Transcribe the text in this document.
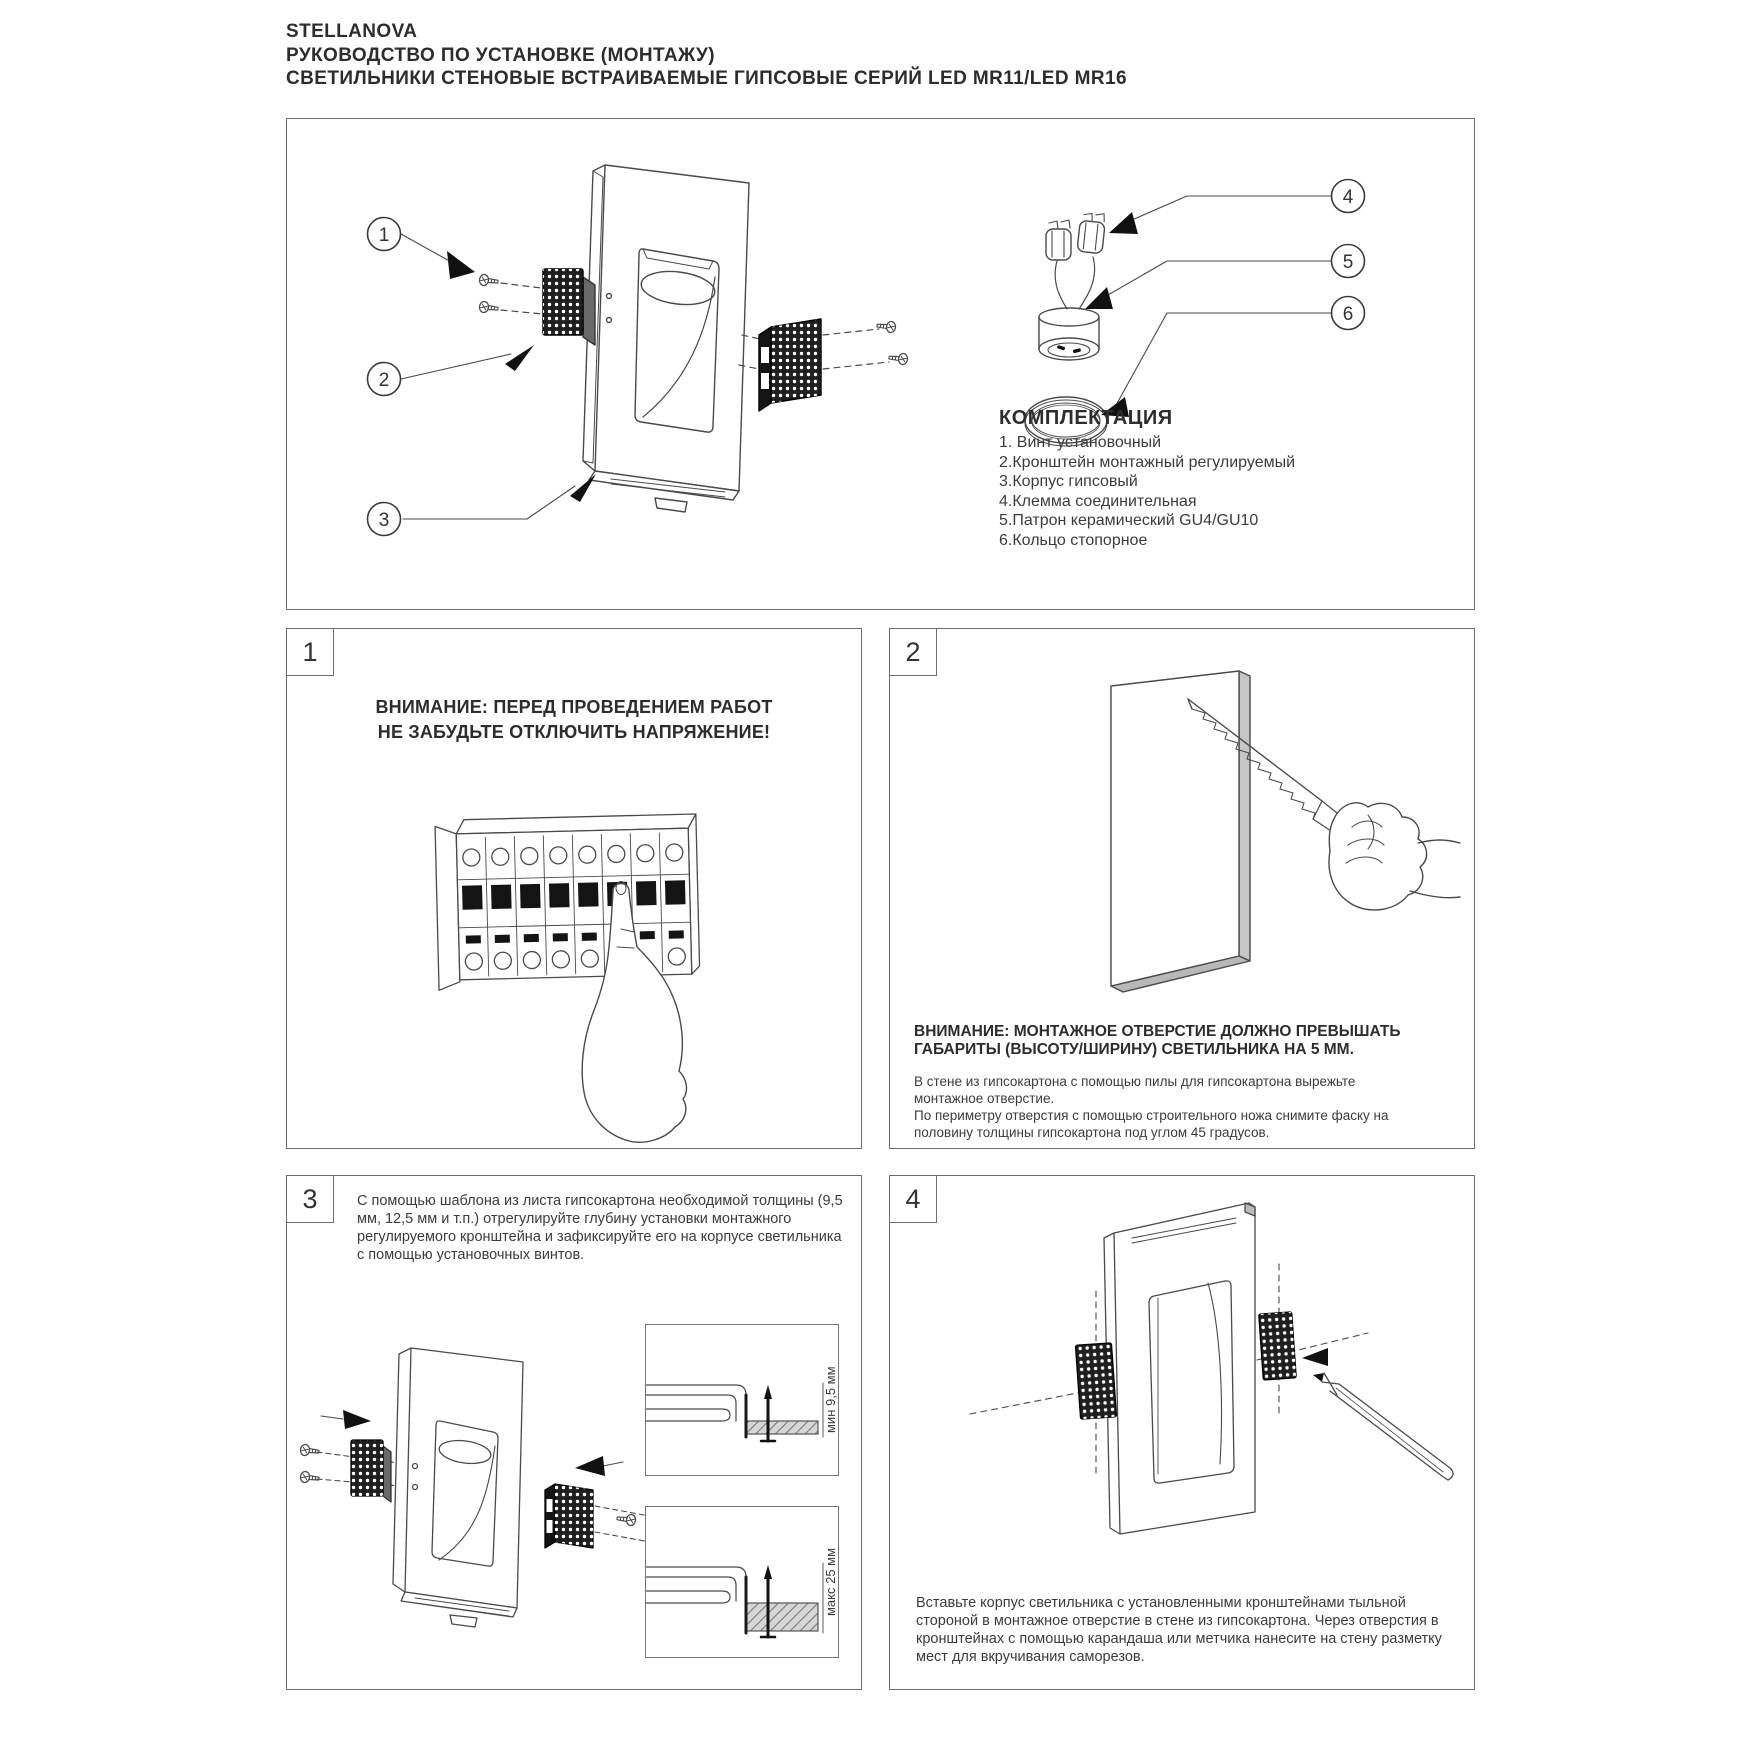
STELLANOVA
РУКОВОДСТВО ПО УСТАНОВКЕ (МОНТАЖУ)
СВЕТИЛЬНИКИ СТЕНОВЫЕ ВСТРАИВАЕМЫЕ ГИПСОВЫЕ СЕРИЙ LED MR11/LED MR16
1
2
3
4
5
6
КОМПЛЕКТАЦИЯ
1. Винт установочный
2.Кронштейн монтажный регулируемый
3.Корпус гипсовый
4.Клемма соединительная
5.Патрон керамический GU4/GU10
6.Кольцо стопорное
1
ВНИМАНИЕ: ПЕРЕД ПРОВЕДЕНИЕМ РАБОТ
НЕ ЗАБУДЬТЕ ОТКЛЮЧИТЬ НАПРЯЖЕНИЕ!
2
ВНИМАНИЕ: МОНТАЖНОЕ ОТВЕРСТИЕ ДОЛЖНО ПРЕВЫШАТЬ
ГАБАРИТЫ (ВЫСОТУ/ШИРИНУ) СВЕТИЛЬНИКА НА 5 ММ.
В стене из гипсокартона с помощью пилы для гипсокартона вырежьте монтажное отверстие.
По периметру отверстия с помощью строительного ножа снимите фаску на половину толщины гипсокартона под углом 45 градусов.
3	С помощью шаблона из листа гипсокартона необходимой толщины (9,5 мм, 12,5 мм и т.п.) отрегулируйте глубину установки монтажного регулируемого кронштейна и зафиксируйте его на корпусе светильника с помощью установочных винтов.
мин 9,5 мм
макс 25 мм
4
Вставьте корпус светильника с установленными кронштейнами тыльной стороной в монтажное отверстие в стене из гипсокартона. Через отверстия в кронштейнах с помощью карандаша или метчика нанесите на стену разметку мест для вкручивания саморезов.
